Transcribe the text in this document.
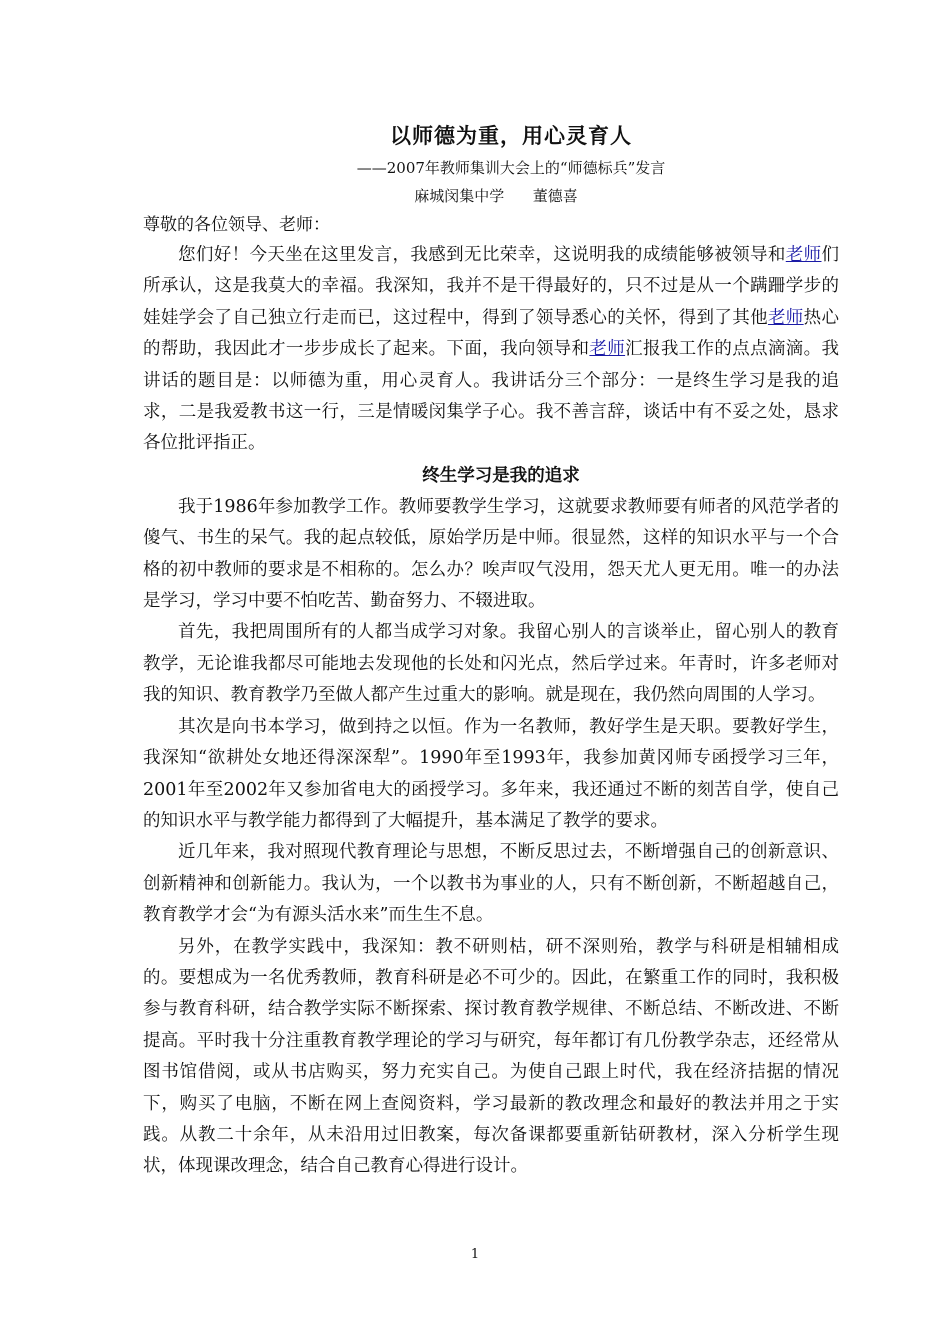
以师德为重，用心灵育人

——2007年教师集训大会上的“师德标兵”发言

麻城闵集中学      董德喜

尊敬的各位领导、老师：

您们好！今天坐在这里发言，我感到无比荣幸，这说明我的成绩能够被领导和老师们所承认，这是我莫大的幸福。我深知，我并不是干得最好的，只不过是从一个蹒跚学步的娃娃学会了自己独立行走而已，这过程中，得到了领导悉心的关怀，得到了其他老师热心的帮助，我因此才一步步成长了起来。下面，我向领导和老师汇报我工作的点点滴滴。我讲话的题目是：以师德为重，用心灵育人。我讲话分三个部分：一是终生学习是我的追求，二是我爱教书这一行，三是情暖闵集学子心。我不善言辞，谈话中有不妥之处，恳求各位批评指正。

终生学习是我的追求

我于1986年参加教学工作。教师要教学生学习，这就要求教师要有师者的风范学者的傻气、书生的呆气。我的起点较低，原始学历是中师。很显然，这样的知识水平与一个合格的初中教师的要求是不相称的。怎么办？唉声叹气没用，怨天尤人更无用。唯一的办法是学习，学习中要不怕吃苦、勤奋努力、不辍进取。

首先，我把周围所有的人都当成学习对象。我留心别人的言谈举止，留心别人的教育教学，无论谁我都尽可能地去发现他的长处和闪光点，然后学过来。年青时，许多老师对我的知识、教育教学乃至做人都产生过重大的影响。就是现在，我仍然向周围的人学习。

其次是向书本学习，做到持之以恒。作为一名教师，教好学生是天职。要教好学生，我深知“欲耕处女地还得深深犁”。1990年至1993年，我参加黄冈师专函授学习三年，2001年至2002年又参加省电大的函授学习。多年来，我还通过不断的刻苦自学，使自己的知识水平与教学能力都得到了大幅提升，基本满足了教学的要求。

近几年来，我对照现代教育理论与思想，不断反思过去，不断增强自己的创新意识、创新精神和创新能力。我认为，一个以教书为事业的人，只有不断创新，不断超越自己，教育教学才会“为有源头活水来”而生生不息。

另外，在教学实践中，我深知：教不研则枯，研不深则殆，教学与科研是相辅相成的。要想成为一名优秀教师，教育科研是必不可少的。因此，在繁重工作的同时，我积极参与教育科研，结合教学实际不断探索、探讨教育教学规律、不断总结、不断改进、不断提高。平时我十分注重教育教学理论的学习与研究，每年都订有几份教学杂志，还经常从图书馆借阅，或从书店购买，努力充实自己。为使自己跟上时代，我在经济拮据的情况下，购买了电脑，不断在网上查阅资料，学习最新的教改理念和最好的教法并用之于实践。从教二十余年，从未沿用过旧教案，每次备课都要重新钻研教材，深入分析学生现状，体现课改理念，结合自己教育心得进行设计。

1
